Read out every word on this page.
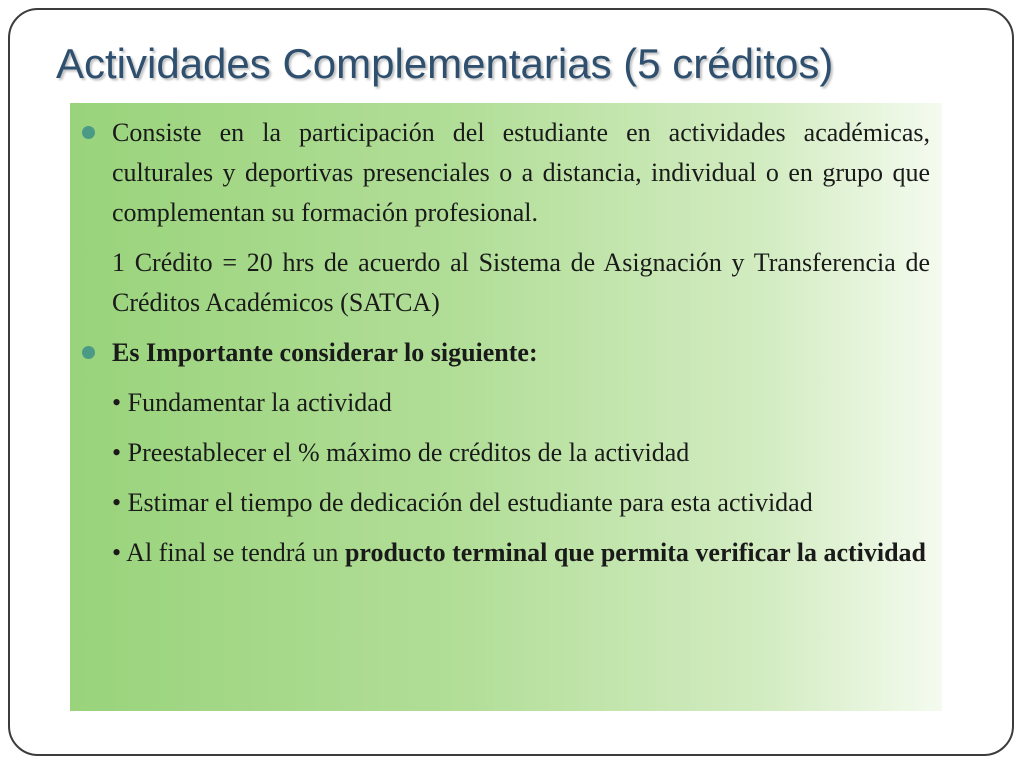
Actividades Complementarias (5 créditos)
Consiste en la participación del estudiante en actividades académicas, culturales y deportivas presenciales o a distancia, individual o en grupo que complementan su formación profesional.
1 Crédito = 20 hrs de acuerdo al Sistema de Asignación y Transferencia de Créditos Académicos (SATCA)
Es Importante considerar lo siguiente:
• Fundamentar la actividad
• Preestablecer el % máximo de créditos de la actividad
• Estimar el tiempo de dedicación del estudiante para esta actividad
• Al final se tendrá un producto terminal que permita verificar la actividad
